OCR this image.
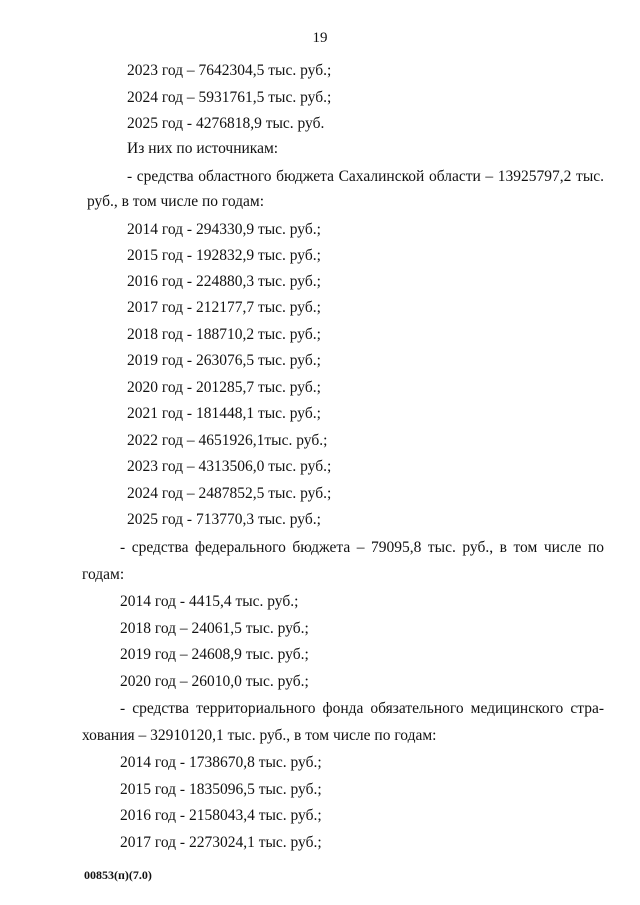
19
2023 год – 7642304,5 тыс. руб.;
2024 год – 5931761,5 тыс. руб.;
2025 год - 4276818,9 тыс. руб.
Из них по источникам:
- средства областного бюджета Сахалинской области – 13925797,2 тыс.
руб., в том числе по годам:
2014 год - 294330,9 тыс. руб.;
2015 год - 192832,9 тыс. руб.;
2016 год - 224880,3 тыс. руб.;
2017 год - 212177,7 тыс. руб.;
2018 год - 188710,2 тыс. руб.;
2019 год - 263076,5 тыс. руб.;
2020 год - 201285,7 тыс. руб.;
2021 год - 181448,1 тыс. руб.;
2022 год – 4651926,1тыс. руб.;
2023 год – 4313506,0 тыс. руб.;
2024 год – 2487852,5 тыс. руб.;
2025 год - 713770,3 тыс. руб.;
- средства федерального бюджета – 79095,8 тыс. руб., в том числе по
годам:
2014 год - 4415,4 тыс. руб.;
2018 год – 24061,5 тыс. руб.;
2019 год – 24608,9 тыс. руб.;
2020 год – 26010,0 тыс. руб.;
- средства территориального фонда обязательного медицинского стра-
хования – 32910120,1 тыс. руб., в том числе по годам:
2014 год - 1738670,8 тыс. руб.;
2015 год - 1835096,5 тыс. руб.;
2016 год - 2158043,4 тыс. руб.;
2017 год - 2273024,1 тыс. руб.;
00853(п)(7.0)
